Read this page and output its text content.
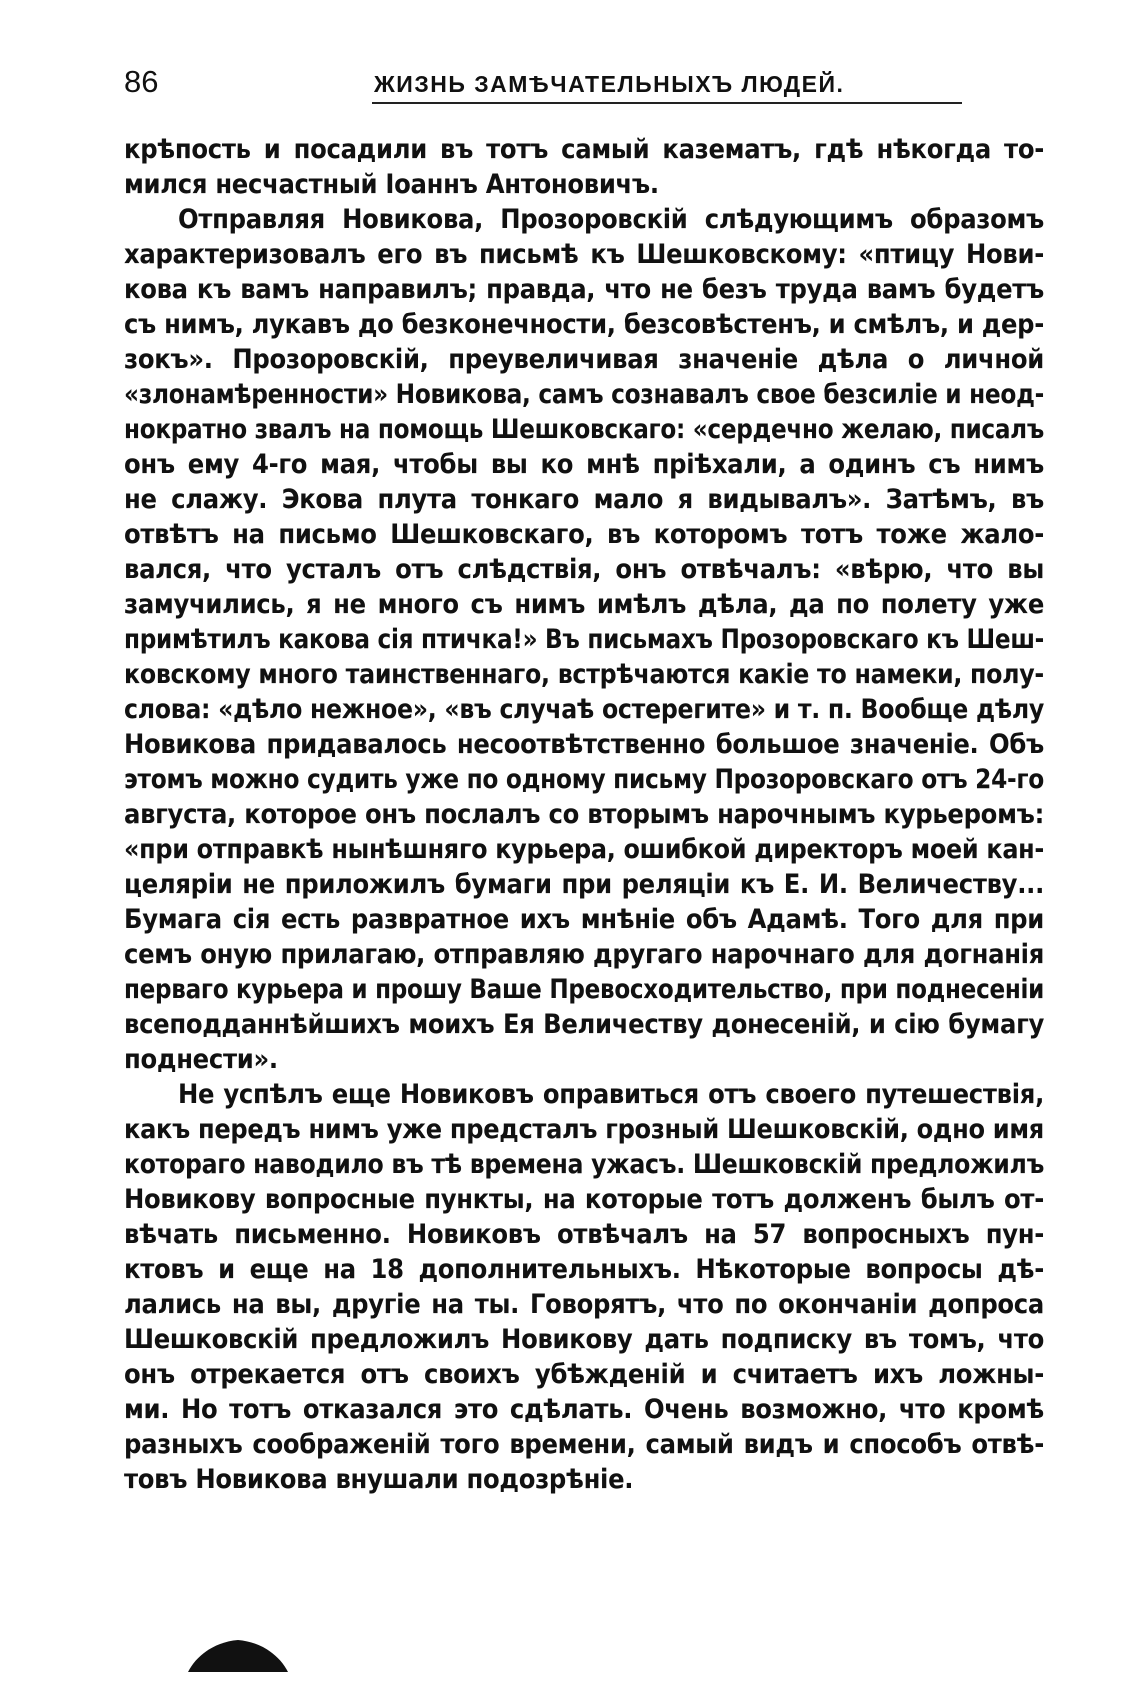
86	ЖИЗНЬ ЗАМѢЧАТЕЛЬНЫХЪ ЛЮДЕЙ.
крѣпость и посадили въ тотъ самый казематъ, гдѣ нѣкогда то-
мился несчастный Іоаннъ Антоновичъ.
Отправляя Новикова, Прозоровскій слѣдующимъ образомъ
характеризовалъ его въ письмѣ къ Шешковскому: «птицу Нови-
кова къ вамъ направилъ; правда, что не безъ труда вамъ будетъ
съ нимъ, лукавъ до безконечности, безсовѣстенъ, и смѣлъ, и дер-
зокъ». Прозоровскій, преувеличивая значеніе дѣла о личной
«злонамѣренности» Новикова, самъ сознавалъ свое безсиліе и неод-
нократно звалъ на помощь Шешковскаго: «сердечно желаю, писалъ
онъ ему 4-го мая, чтобы вы ко мнѣ пріѣхали, а одинъ съ нимъ
не слажу. Экова плута тонкаго мало я видывалъ». Затѣмъ, въ
отвѣтъ на письмо Шешковскаго, въ которомъ тотъ тоже жало-
вался, что усталъ отъ слѣдствія, онъ отвѣчалъ: «вѣрю, что вы
замучились, я не много съ нимъ имѣлъ дѣла, да по полету уже
примѣтилъ какова сія птичка!» Въ письмахъ Прозоровскаго къ Шеш-
ковскому много таинственнаго, встрѣчаются какіе то намеки, полу-
слова: «дѣло нежное», «въ случаѣ остерегите» и т. п. Вообще дѣлу
Новикова придавалось несоотвѣтственно большое значеніе. Объ
этомъ можно судить уже по одному письму Прозоровскаго отъ 24-го
августа, которое онъ послалъ со вторымъ нарочнымъ курьеромъ:
«при отправкѣ нынѣшняго курьера, ошибкой директоръ моей кан-
целяріи не приложилъ бумаги при реляціи къ Е. И. Величеству...
Бумага сія есть развратное ихъ мнѣніе объ Адамѣ. Того для при
семъ оную прилагаю, отправляю другаго нарочнаго для догнанія
перваго курьера и прошу Ваше Превосходительство, при поднесеніи
всеподданнѣйшихъ моихъ Ея Величеству донесеній, и сію бумагу
поднести».
Не успѣлъ еще Новиковъ оправиться отъ своего путешествія,
какъ передъ нимъ уже предсталъ грозный Шешковскій, одно имя
котораго наводило въ тѣ времена ужасъ. Шешковскій предложилъ
Новикову вопросные пункты, на которые тотъ долженъ былъ от-
вѣчать письменно. Новиковъ отвѣчалъ на 57 вопросныхъ пун-
ктовъ и еще на 18 дополнительныхъ. Нѣкоторые вопросы дѣ-
лались на вы, другіе на ты. Говорятъ, что по окончаніи допроса
Шешковскій предложилъ Новикову дать подписку въ томъ, что
онъ отрекается отъ своихъ убѣжденій и считаетъ ихъ ложны-
ми. Но тотъ отказался это сдѣлать. Очень возможно, что кромѣ
разныхъ соображеній того времени, самый видъ и способъ отвѣ-
товъ Новикова внушали подозрѣніе.
